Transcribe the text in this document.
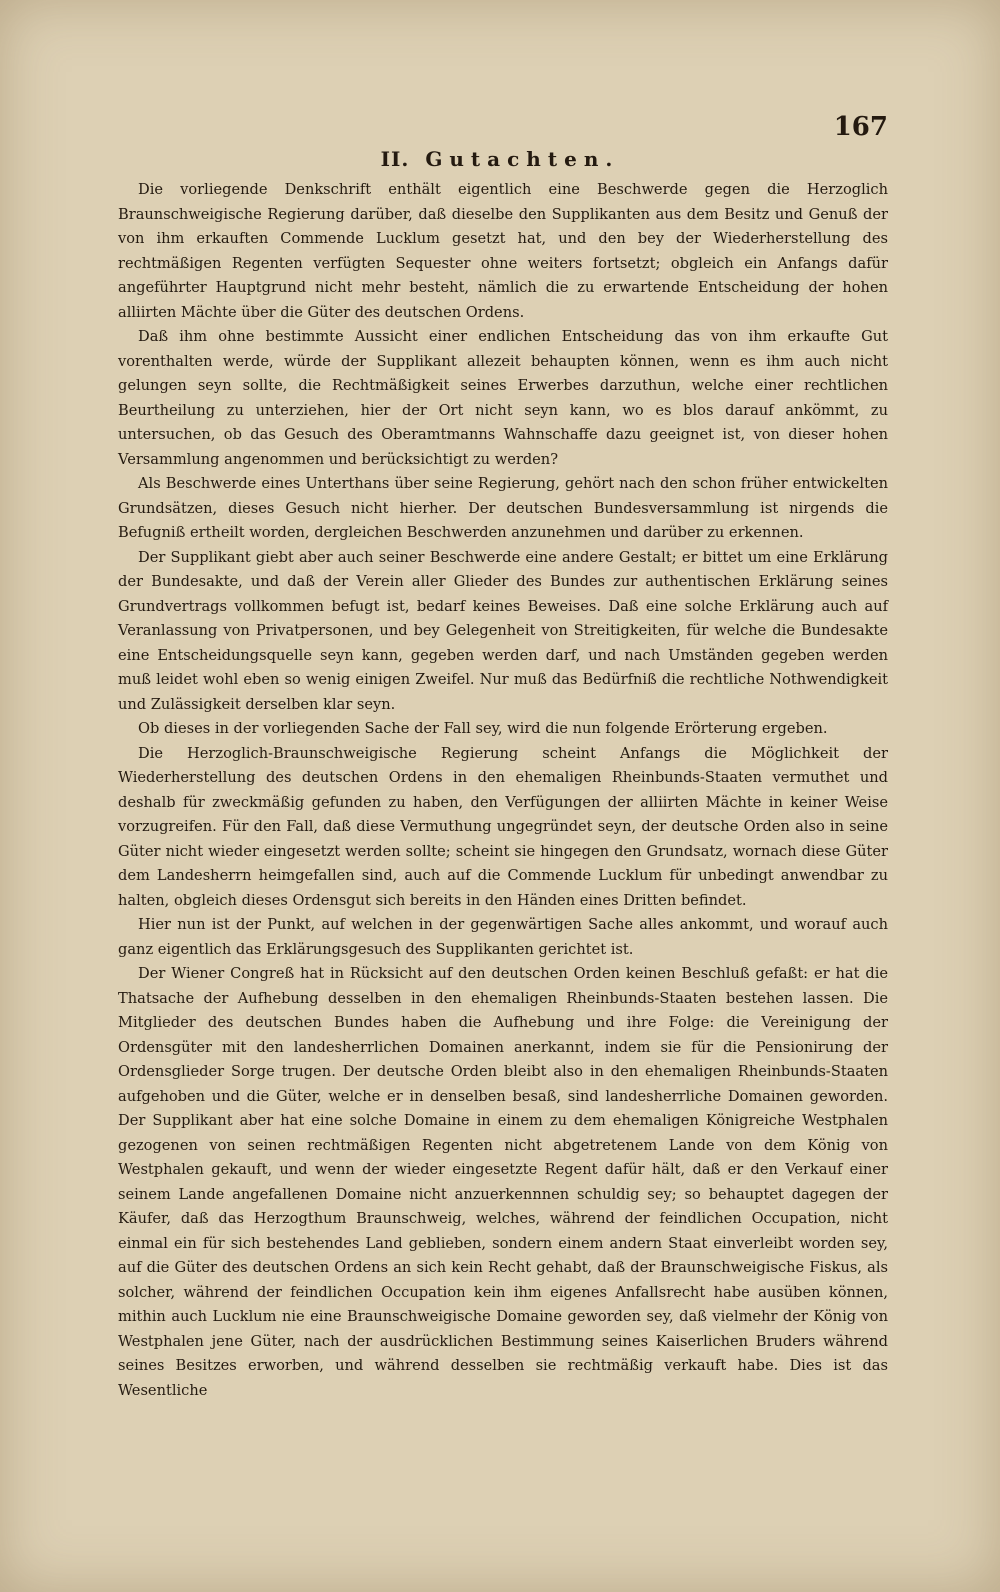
167
II. Gutachten.

Die vorliegende Denkschrift enthält eigentlich eine Beschwerde gegen die Herzoglich Braunschweigische Regierung darüber, daß dieselbe den Supplikanten aus dem Besitz und Genuß der von ihm erkauften Commende Lucklum gesetzt hat, und den bey der Wiederherstellung des rechtmäßigen Regenten verfügten Sequester ohne weiters fortsetzt; obgleich ein Anfangs dafür angeführter Hauptgrund nicht mehr besteht, nämlich die zu erwartende Entscheidung der hohen alliirten Mächte über die Güter des deutschen Ordens.

Daß ihm ohne bestimmte Aussicht einer endlichen Entscheidung das von ihm erkaufte Gut vorenthalten werde, würde der Supplikant allezeit behaupten können, wenn es ihm auch nicht gelungen seyn sollte, die Rechtmäßigkeit seines Erwerbes darzuthun, welche einer rechtlichen Beurtheilung zu unterziehen, hier der Ort nicht seyn kann, wo es blos darauf ankömmt, zu untersuchen, ob das Gesuch des Oberamtmanns Wahnschaffe dazu geeignet ist, von dieser hohen Versammlung angenommen und berücksichtigt zu werden?

Als Beschwerde eines Unterthans über seine Regierung, gehört nach den schon früher entwickelten Grundsätzen, dieses Gesuch nicht hierher. Der deutschen Bundesversammlung ist nirgends die Befugniß ertheilt worden, dergleichen Beschwerden anzunehmen und darüber zu erkennen.

Der Supplikant giebt aber auch seiner Beschwerde eine andere Gestalt; er bittet um eine Erklärung der Bundesakte, und daß der Verein aller Glieder des Bundes zur authentischen Erklärung seines Grundvertrags vollkommen befugt ist, bedarf keines Beweises. Daß eine solche Erklärung auch auf Veranlassung von Privatpersonen, und bey Gelegenheit von Streitigkeiten, für welche die Bundesakte eine Entscheidungsquelle seyn kann, gegeben werden darf, und nach Umständen gegeben werden muß leidet wohl eben so wenig einigen Zweifel. Nur muß das Bedürfniß die rechtliche Nothwendigkeit und Zulässigkeit derselben klar seyn.

Ob dieses in der vorliegenden Sache der Fall sey, wird die nun folgende Erörterung ergeben.

Die Herzoglich-Braunschweigische Regierung scheint Anfangs die Möglichkeit der Wiederherstellung des deutschen Ordens in den ehemaligen Rheinbunds-Staaten vermuthet und deshalb für zweckmäßig gefunden zu haben, den Verfügungen der alliirten Mächte in keiner Weise vorzugreifen. Für den Fall, daß diese Vermuthung ungegründet seyn, der deutsche Orden also in seine Güter nicht wieder eingesetzt werden sollte; scheint sie hingegen den Grundsatz, wornach diese Güter dem Landesherrn heimgefallen sind, auch auf die Commende Lucklum für unbedingt anwendbar zu halten, obgleich dieses Ordensgut sich bereits in den Händen eines Dritten befindet.

Hier nun ist der Punkt, auf welchen in der gegenwärtigen Sache alles ankommt, und worauf auch ganz eigentlich das Erklärungsgesuch des Supplikanten gerichtet ist.

Der Wiener Congreß hat in Rücksicht auf den deutschen Orden keinen Beschluß gefaßt: er hat die Thatsache der Aufhebung desselben in den ehemaligen Rheinbunds-Staaten bestehen lassen. Die Mitglieder des deutschen Bundes haben die Aufhebung und ihre Folge: die Vereinigung der Ordensgüter mit den landesherrlichen Domainen anerkannt, indem sie für die Pensionirung der Ordensglieder Sorge trugen. Der deutsche Orden bleibt also in den ehemaligen Rheinbunds-Staaten aufgehoben und die Güter, welche er in denselben besaß, sind landesherrliche Domainen geworden. Der Supplikant aber hat eine solche Domaine in einem zu dem ehemaligen Königreiche Westphalen gezogenen von seinen rechtmäßigen Regenten nicht abgetretenem Lande von dem König von Westphalen gekauft, und wenn der wieder eingesetzte Regent dafür hält, daß er den Verkauf einer seinem Lande angefallenen Domaine nicht anzuerkennnen schuldig sey; so behauptet dagegen der Käufer, daß das Herzogthum Braunschweig, welches, während der feindlichen Occupation, nicht einmal ein für sich bestehendes Land geblieben, sondern einem andern Staat einverleibt worden sey, auf die Güter des deutschen Ordens an sich kein Recht gehabt, daß der Braunschweigische Fiskus, als solcher, während der feindlichen Occupation kein ihm eigenes Anfallsrecht habe ausüben können, mithin auch Lucklum nie eine Braunschweigische Domaine geworden sey, daß vielmehr der König von Westphalen jene Güter, nach der ausdrücklichen Bestimmung seines Kaiserlichen Bruders während seines Besitzes erworben, und während desselben sie rechtmäßig verkauft habe. Dies ist das Wesentliche
